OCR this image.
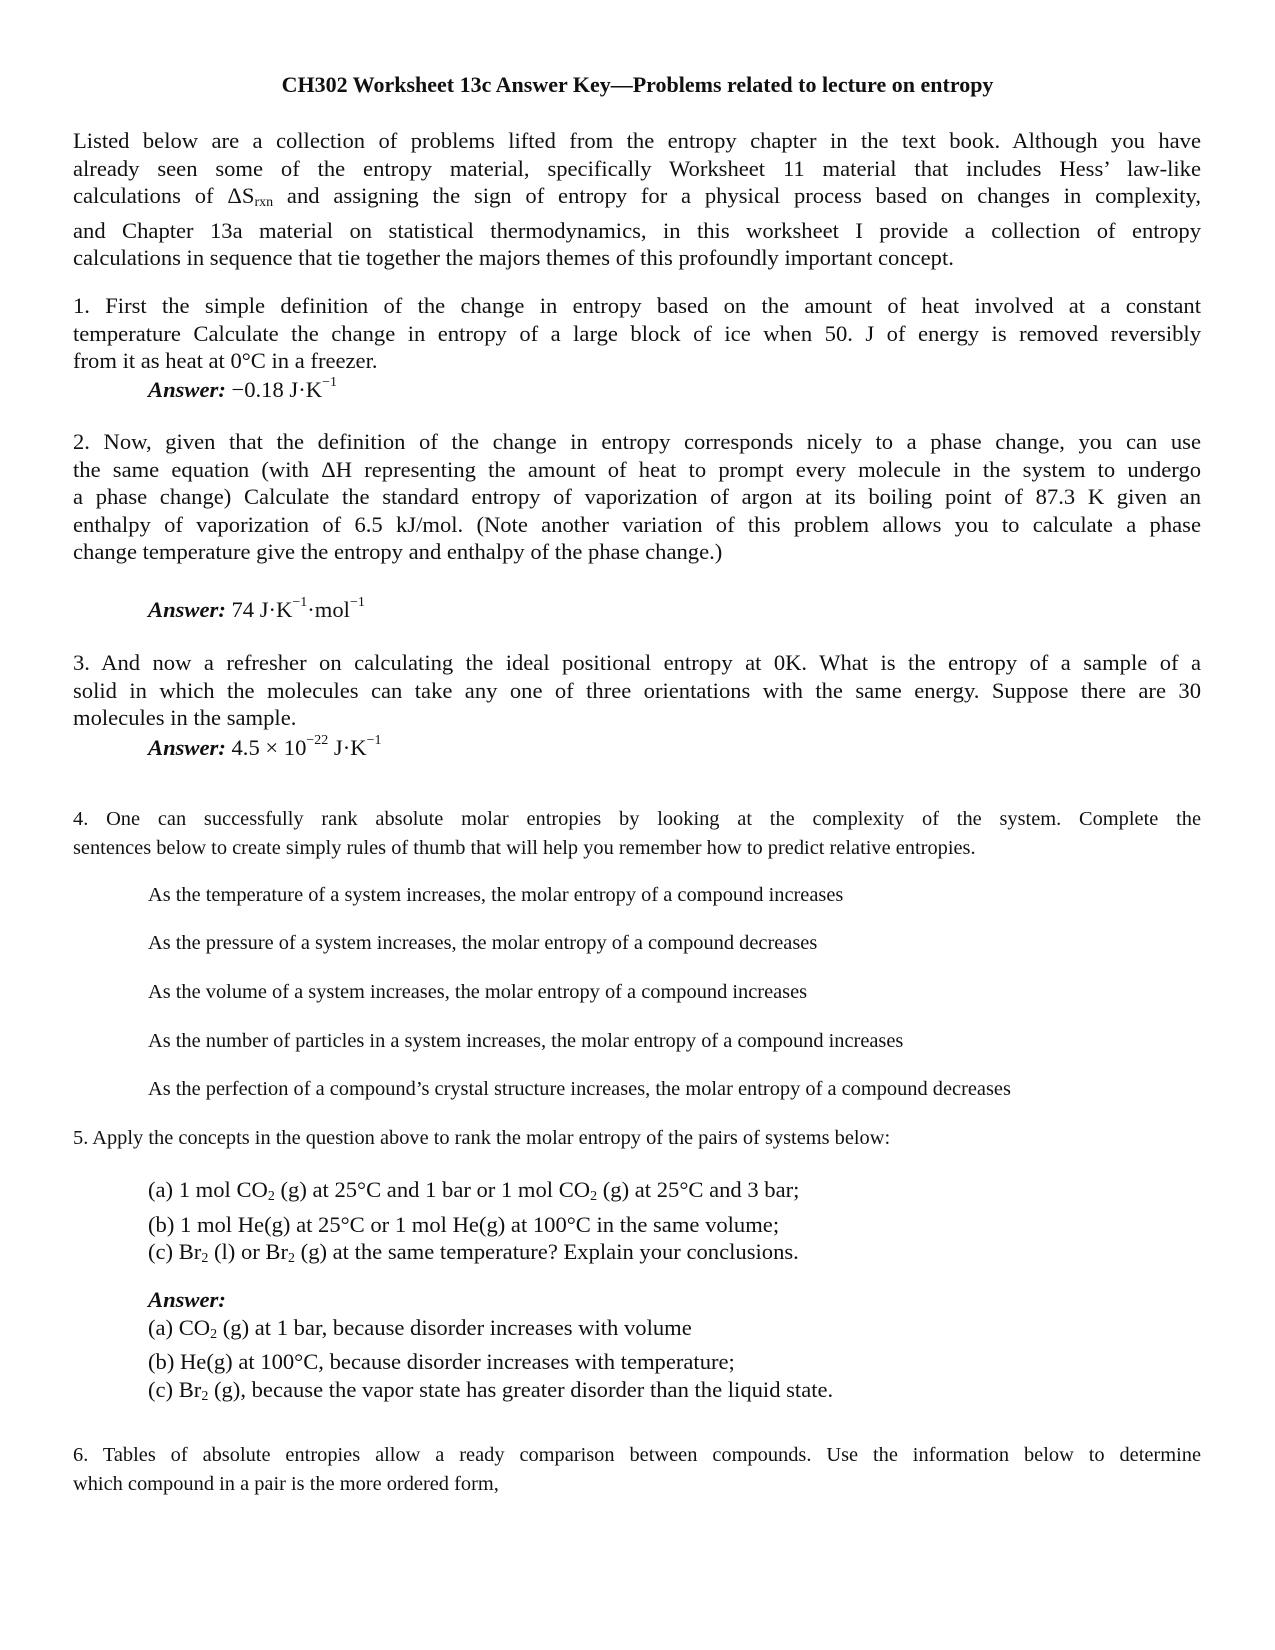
CH302 Worksheet 13c Answer Key—Problems related to lecture on entropy
Listed below are a collection of problems lifted from the entropy chapter in the text book. Although you have
already seen some of the entropy material, specifically Worksheet 11 material that includes Hess’ law-like
calculations of $\Delta S_{rxn}$ and assigning the sign of entropy for a physical process based on changes in complexity,
and Chapter 13a material on statistical thermodynamics, in this worksheet I provide a collection of entropy
calculations in sequence that tie together the majors themes of this profoundly important concept.
1. First the simple definition of the change in entropy based on the amount of heat involved at a constant
temperature Calculate the change in entropy of a large block of ice when 50. J of energy is removed reversibly
from it as heat at 0°C in a freezer.
Answer: −0.18 $J\cdot K^{-1}$
2. Now, given that the definition of the change in entropy corresponds nicely to a phase change, you can use
the same equation (with ΔH representing the amount of heat to prompt every molecule in the system to undergo
a phase change) Calculate the standard entropy of vaporization of argon at its boiling point of 87.3 K given an
enthalpy of vaporization of 6.5 kJ/mol. (Note another variation of this problem allows you to calculate a phase
change temperature give the entropy and enthalpy of the phase change.)
Answer: 74 $J\cdot K^{-1}\cdot mol^{-1}$
3. And now a refresher on calculating the ideal positional entropy at 0K. What is the entropy of a sample of a
solid in which the molecules can take any one of three orientations with the same energy. Suppose there are 30
molecules in the sample.
Answer: $4.5 \times 10^{-22}$ $J\cdot K^{-1}$
4. One can successfully rank absolute molar entropies by looking at the complexity of the system. Complete the
sentences below to create simply rules of thumb that will help you remember how to predict relative entropies.
As the temperature of a system increases, the molar entropy of a compound increases
As the pressure of a system increases, the molar entropy of a compound decreases
As the volume of a system increases, the molar entropy of a compound increases
As the number of particles in a system increases, the molar entropy of a compound increases
As the perfection of a compound’s crystal structure increases, the molar entropy of a compound decreases
5. Apply the concepts in the question above to rank the molar entropy of the pairs of systems below:
(a) 1 mol $CO_2$ (g) at 25°C and 1 bar or 1 mol $CO_2$ (g) at 25°C and 3 bar;
(b) 1 mol He(g) at 25°C or 1 mol He(g) at 100°C in the same volume;
(c) $Br_2$ (l) or $Br_2$ (g) at the same temperature? Explain your conclusions.
Answer:
(a) $CO_2$ (g) at 1 bar, because disorder increases with volume
(b) He(g) at 100°C, because disorder increases with temperature;
(c) $Br_2$ (g), because the vapor state has greater disorder than the liquid state.
6. Tables of absolute entropies allow a ready comparison between compounds. Use the information below to determine
which compound in a pair is the more ordered form,
